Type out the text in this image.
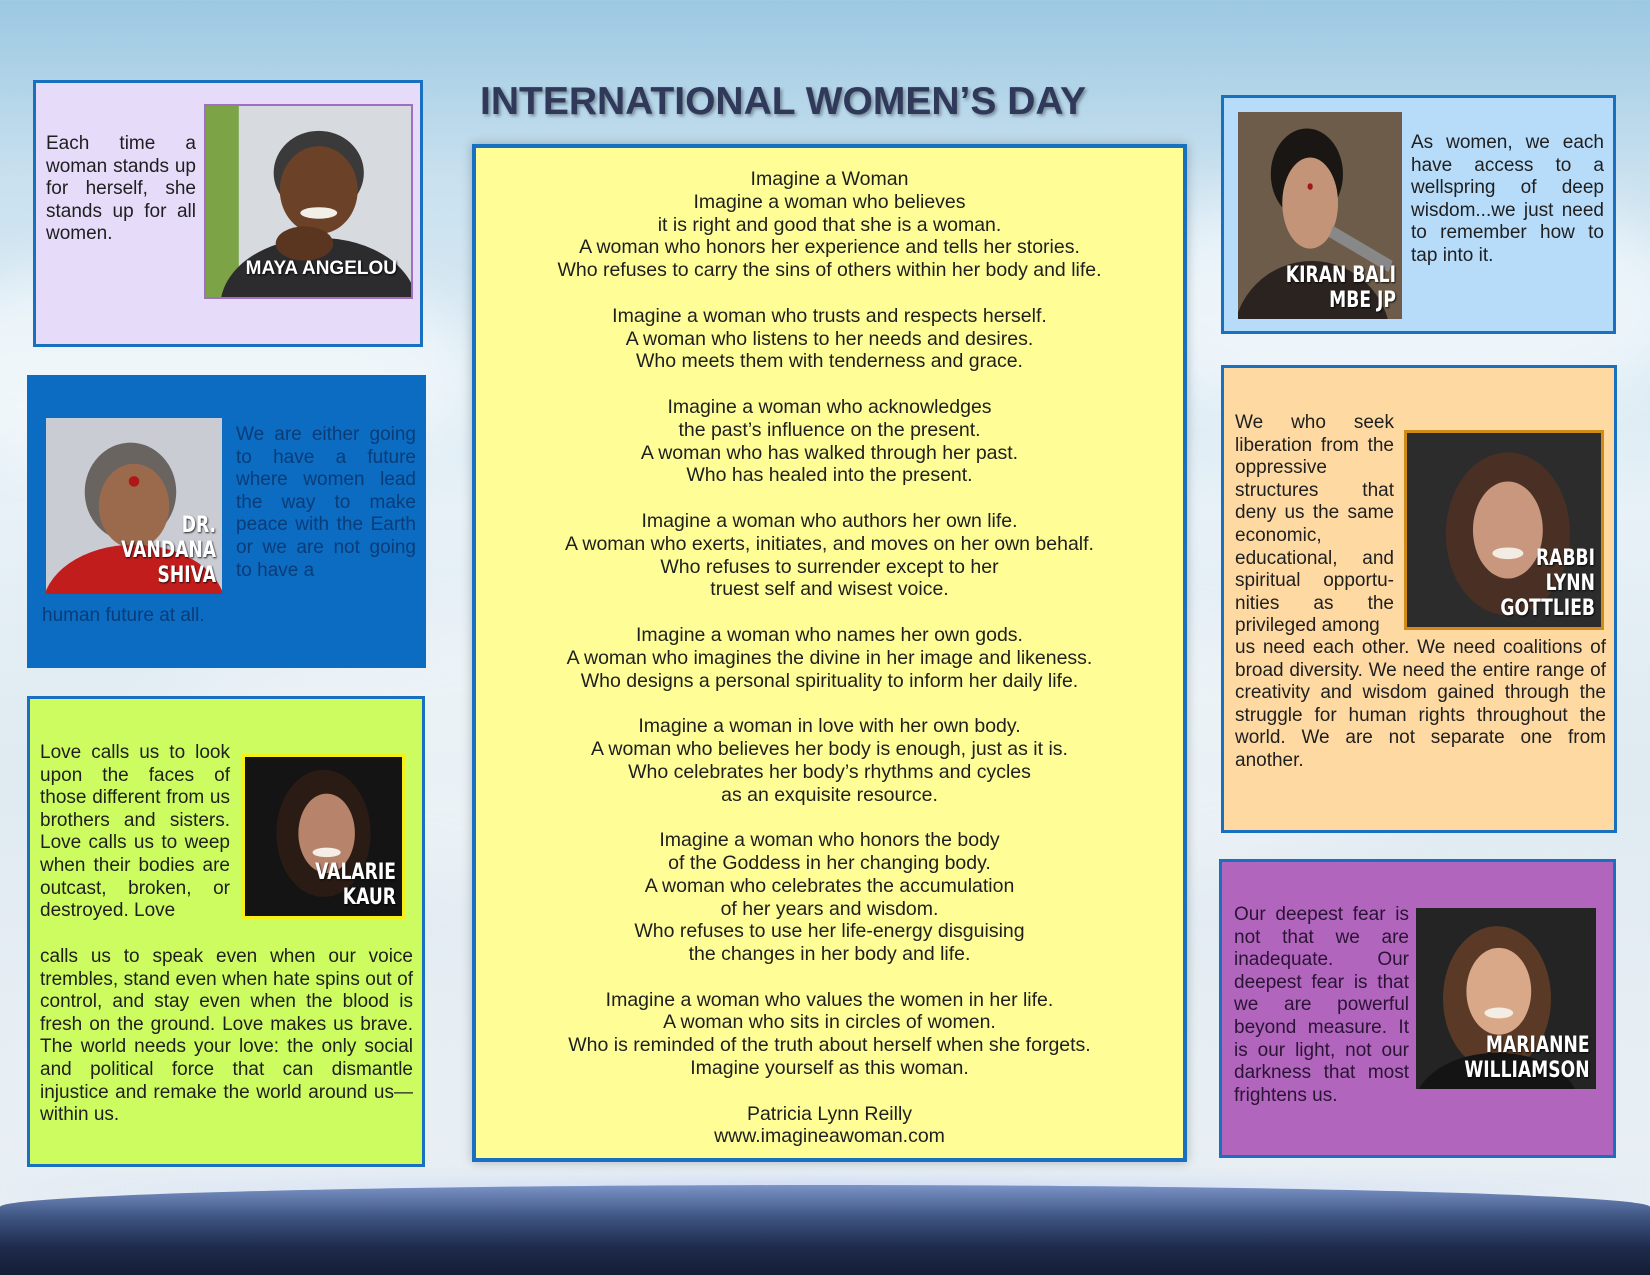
INTERNATIONAL WOMEN’S DAY
Imagine a Woman
Imagine a woman who believes
it is right and good that she is a woman.
A woman who honors her experience and tells her stories.
Who refuses to carry the sins of others within her body and life.
Imagine a woman who trusts and respects herself.
A woman who listens to her needs and desires.
Who meets them with tenderness and grace.
Imagine a woman who acknowledges
the past’s influence on the present.
A woman who has walked through her past.
Who has healed into the present.
Imagine a woman who authors her own life.
A woman who exerts, initiates, and moves on her own behalf.
Who refuses to surrender except to her
truest self and wisest voice.
Imagine a woman who names her own gods.
A woman who imagines the divine in her image and likeness.
Who designs a personal spirituality to inform her daily life.
Imagine a woman in love with her own body.
A woman who believes her body is enough, just as it is.
Who celebrates her body’s rhythms and cycles
as an exquisite resource.
Imagine a woman who honors the body
of the Goddess in her changing body.
A woman who celebrates the accumulation
of her years and wisdom.
Who refuses to use her life-energy disguising
the changes in her body and life.
Imagine a woman who values the women in her life.
A woman who sits in circles of women.
Who is reminded of the truth about herself when she forgets.
Imagine yourself as this woman.
Patricia Lynn Reilly
www.imagineawoman.com
Each time a woman stands up for herself, she stands up for all women.
MAYA ANGELOU
DR.
VANDANA SHIVA
We are either going to have a future where women lead the way to make peace with the Earth or we are not going to have a
human future at all.
Love calls us to look upon the faces of those different from us brothers and sisters. Love calls us to weep when their bodies are outcast, broken, or destroyed. Love
VALARIE KAUR
calls us to speak even when our voice trembles, stand even when hate spins out of control, and stay even when the blood is fresh on the ground. Love makes us brave. The world needs your love: the only social and political force that can dismantle injustice and remake the world around us—within us.
KIRAN BALI MBE JP
As women, we each have access to a wellspring of deep wisdom...we just need to remember how to tap into it.
We who seek liberation from the oppressive structures that deny us the same economic, educational, and spiritual opportu-nities as the privileged among
RABBI
LYNN GOTTLIEB
us need each other. We need coalitions of broad diversity. We need the entire range of creativity and wisdom gained through the struggle for human rights throughout the world. We are not separate one from another.
Our deepest fear is not that we are inadequate. Our deepest fear is that we are powerful beyond measure. It is our light, not our darkness that most frightens us.
MARIANNE
WILLIAMSON
